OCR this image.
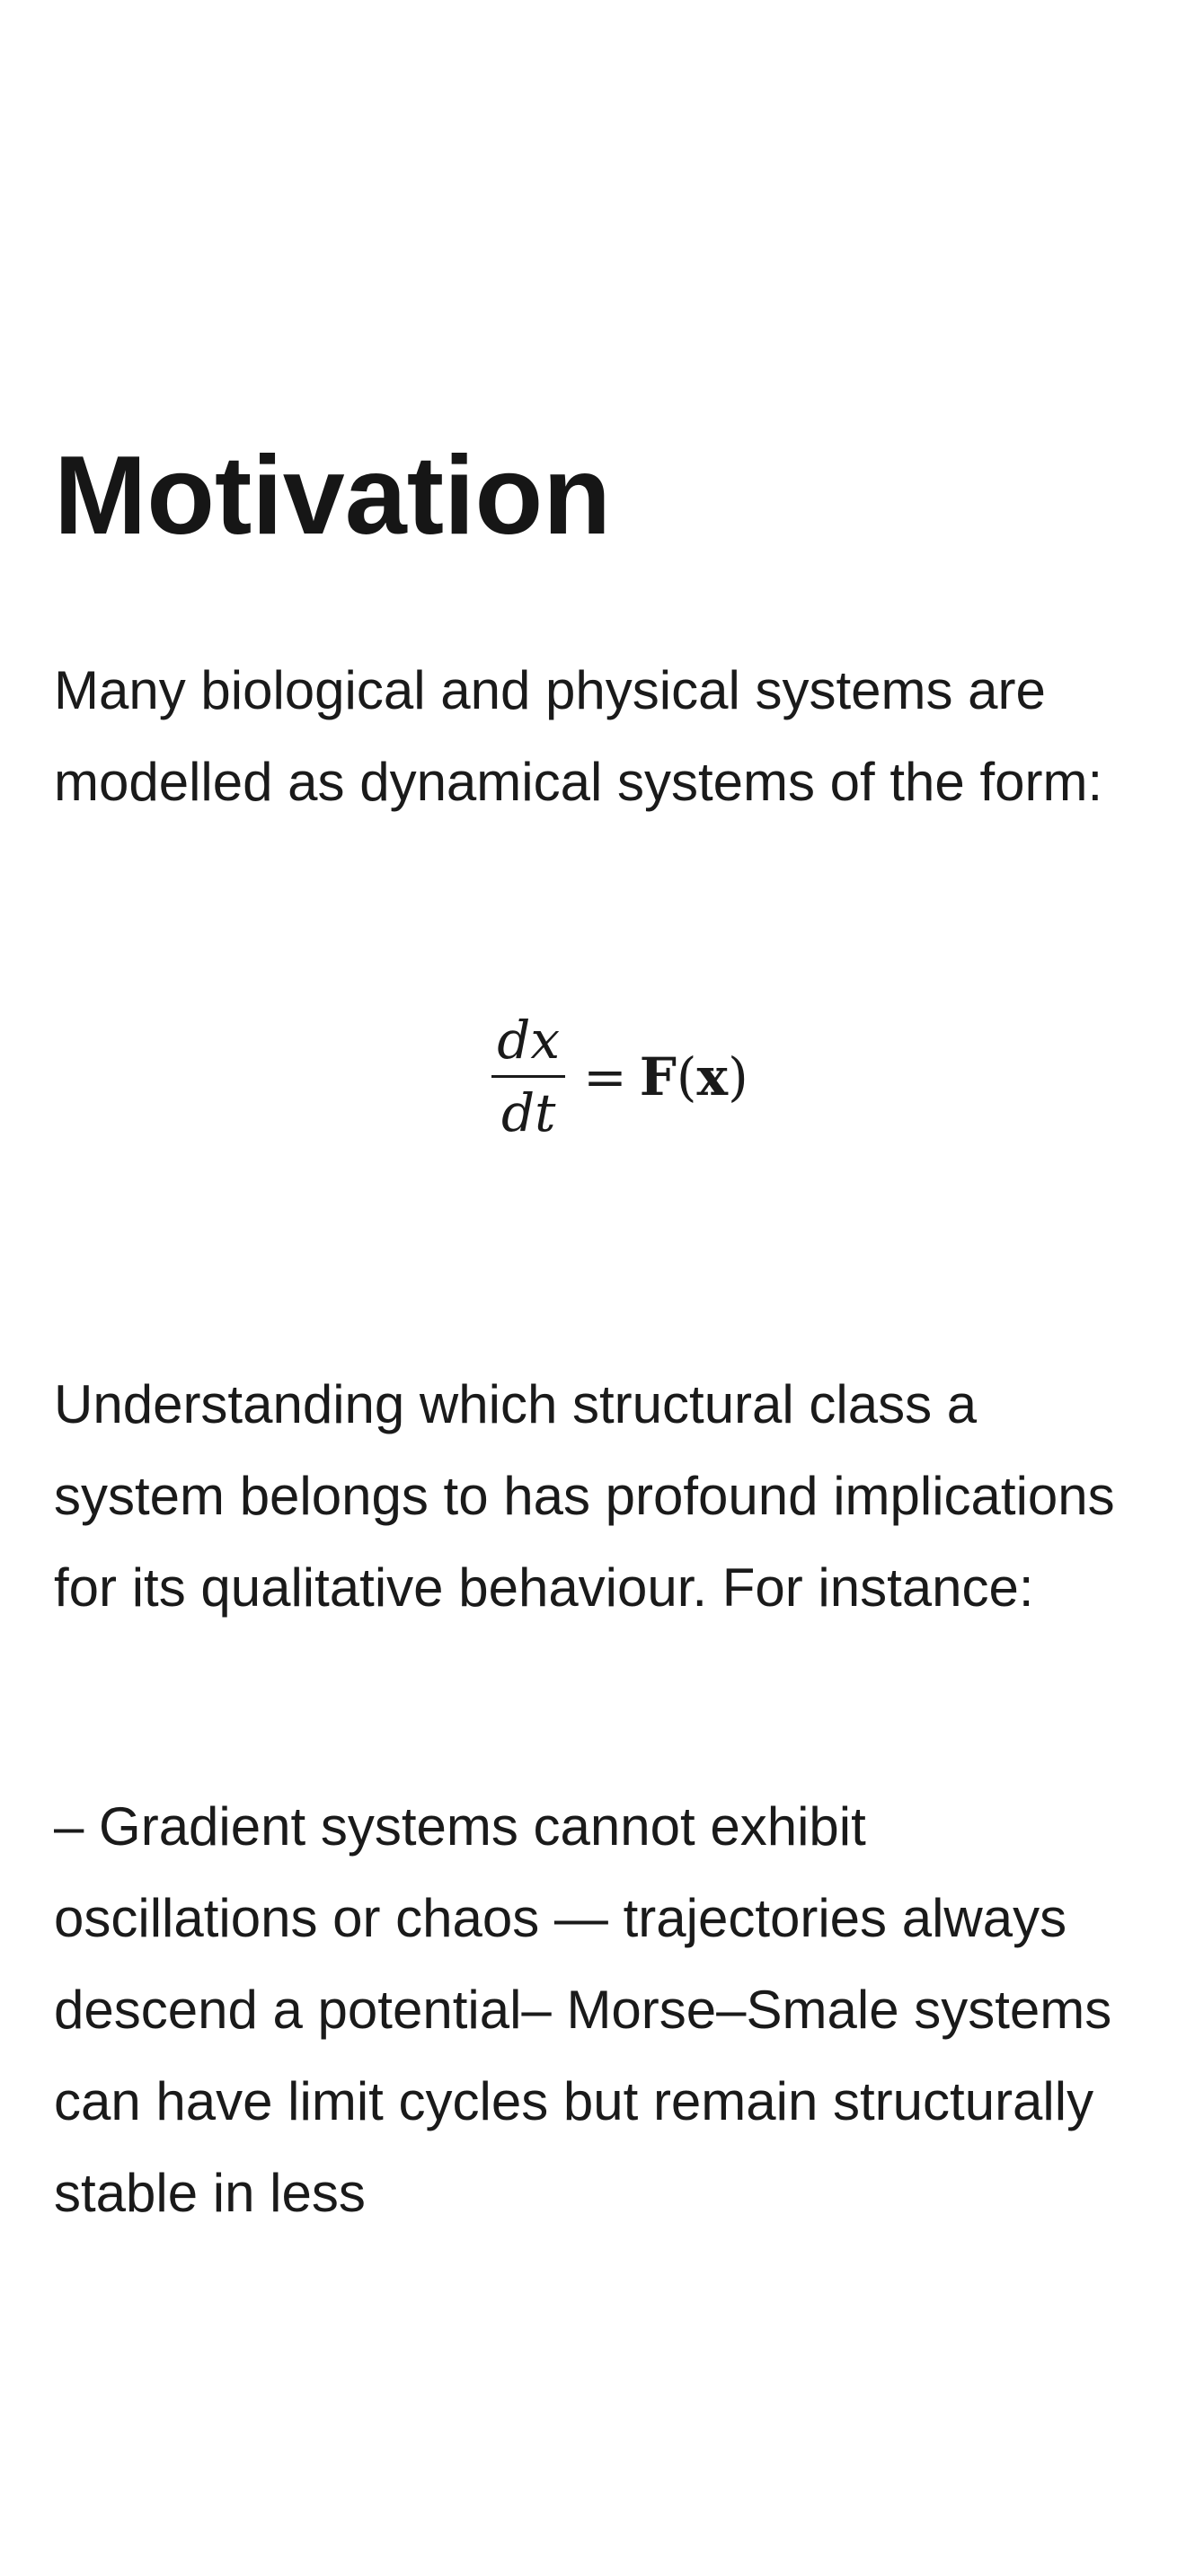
Motivation

Many biological and physical systems are modelled as dynamical systems of the form:

$\frac{dx}{dt} = F$ ( x )

Understanding which structural class a system belongs to has profound implications for its qualitative behaviour. For instance:

– Gradient systems cannot exhibit oscillations or chaos — trajectories always descend a potential– Morse–Smale systems can have limit cycles but remain structurally stable in less
